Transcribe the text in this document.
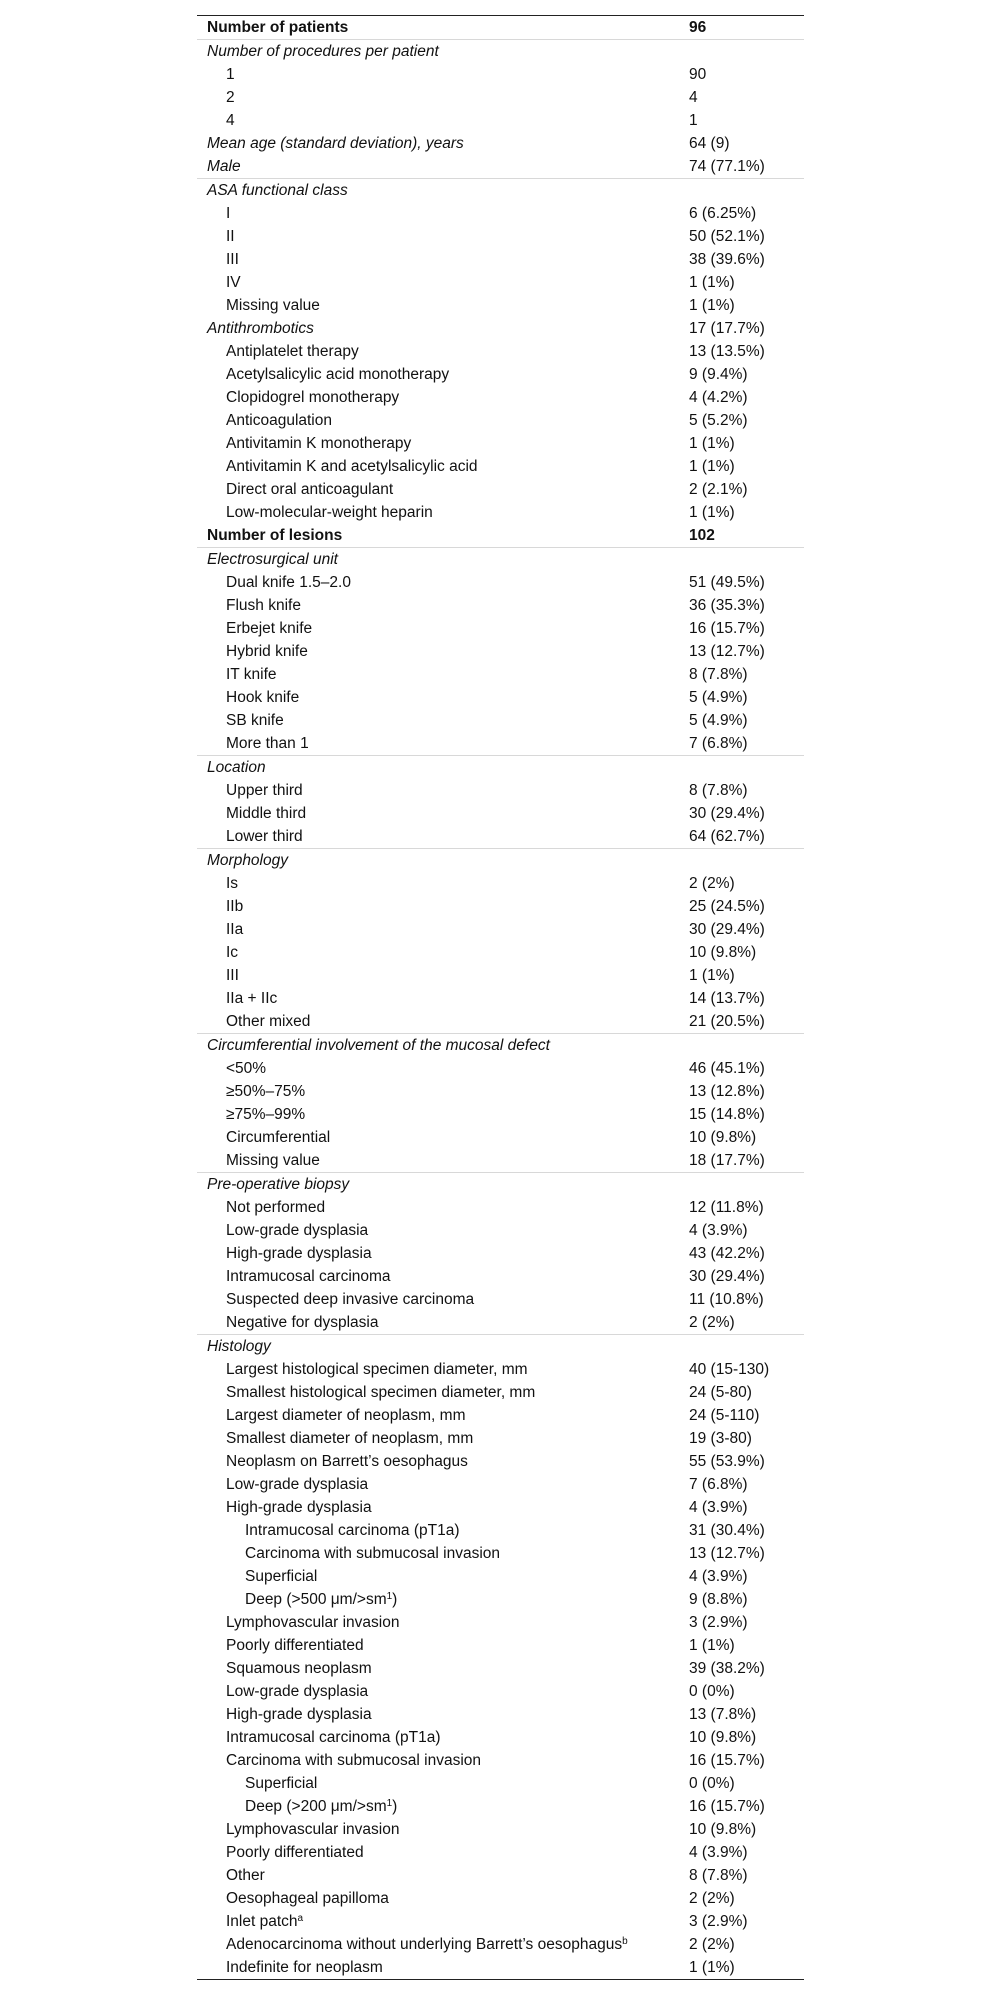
Number of patients	96
Number of procedures per patient
1	90
2	4
4	1
Mean age (standard deviation), years	64 (9)
Male	74 (77.1%)
ASA functional class
I	6 (6.25%)
II	50 (52.1%)
III	38 (39.6%)
IV	1 (1%)
Missing value	1 (1%)
Antithrombotics	17 (17.7%)
Antiplatelet therapy	13 (13.5%)
Acetylsalicylic acid monotherapy	9 (9.4%)
Clopidogrel monotherapy	4 (4.2%)
Anticoagulation	5 (5.2%)
Antivitamin K monotherapy	1 (1%)
Antivitamin K and acetylsalicylic acid	1 (1%)
Direct oral anticoagulant	2 (2.1%)
Low-molecular-weight heparin	1 (1%)
Number of lesions	102
Electrosurgical unit
Dual knife 1.5–2.0	51 (49.5%)
Flush knife	36 (35.3%)
Erbejet knife	16 (15.7%)
Hybrid knife	13 (12.7%)
IT knife	8 (7.8%)
Hook knife	5 (4.9%)
SB knife	5 (4.9%)
More than 1	7 (6.8%)
Location
Upper third	8 (7.8%)
Middle third	30 (29.4%)
Lower third	64 (62.7%)
Morphology
Is	2 (2%)
IIb	25 (24.5%)
IIa	30 (29.4%)
Ic	10 (9.8%)
III	1 (1%)
IIa + IIc	14 (13.7%)
Other mixed	21 (20.5%)
Circumferential involvement of the mucosal defect
<50%	46 (45.1%)
≥50%–75%	13 (12.8%)
≥75%–99%	15 (14.8%)
Circumferential	10 (9.8%)
Missing value	18 (17.7%)
Pre-operative biopsy
Not performed	12 (11.8%)
Low-grade dysplasia	4 (3.9%)
High-grade dysplasia	43 (42.2%)
Intramucosal carcinoma	30 (29.4%)
Suspected deep invasive carcinoma	11 (10.8%)
Negative for dysplasia	2 (2%)
Histology
Largest histological specimen diameter, mm	40 (15-130)
Smallest histological specimen diameter, mm	24 (5-80)
Largest diameter of neoplasm, mm	24 (5-110)
Smallest diameter of neoplasm, mm	19 (3-80)
Neoplasm on Barrett’s oesophagus	55 (53.9%)
Low-grade dysplasia	7 (6.8%)
High-grade dysplasia	4 (3.9%)
Intramucosal carcinoma (pT1a)	31 (30.4%)
Carcinoma with submucosal invasion	13 (12.7%)
Superficial	4 (3.9%)
Deep (>500 $\mu m/>sm^1$)	9 (8.8%)
Lymphovascular invasion	3 (2.9%)
Poorly differentiated	1 (1%)
Squamous neoplasm	39 (38.2%)
Low-grade dysplasia	0 (0%)
High-grade dysplasia	13 (7.8%)
Intramucosal carcinoma (pT1a)	10 (9.8%)
Carcinoma with submucosal invasion	16 (15.7%)
Superficial	0 (0%)
Deep (>200 $\mu m/>sm^1$)	16 (15.7%)
Lymphovascular invasion	10 (9.8%)
Poorly differentiated	4 (3.9%)
Other	8 (7.8%)
Oesophageal papilloma	2 (2%)
Inlet patch$^a$	3 (2.9%)
Adenocarcinoma without underlying Barrett’s oesophagus$^b$	2 (2%)
Indefinite for neoplasm	1 (1%)
